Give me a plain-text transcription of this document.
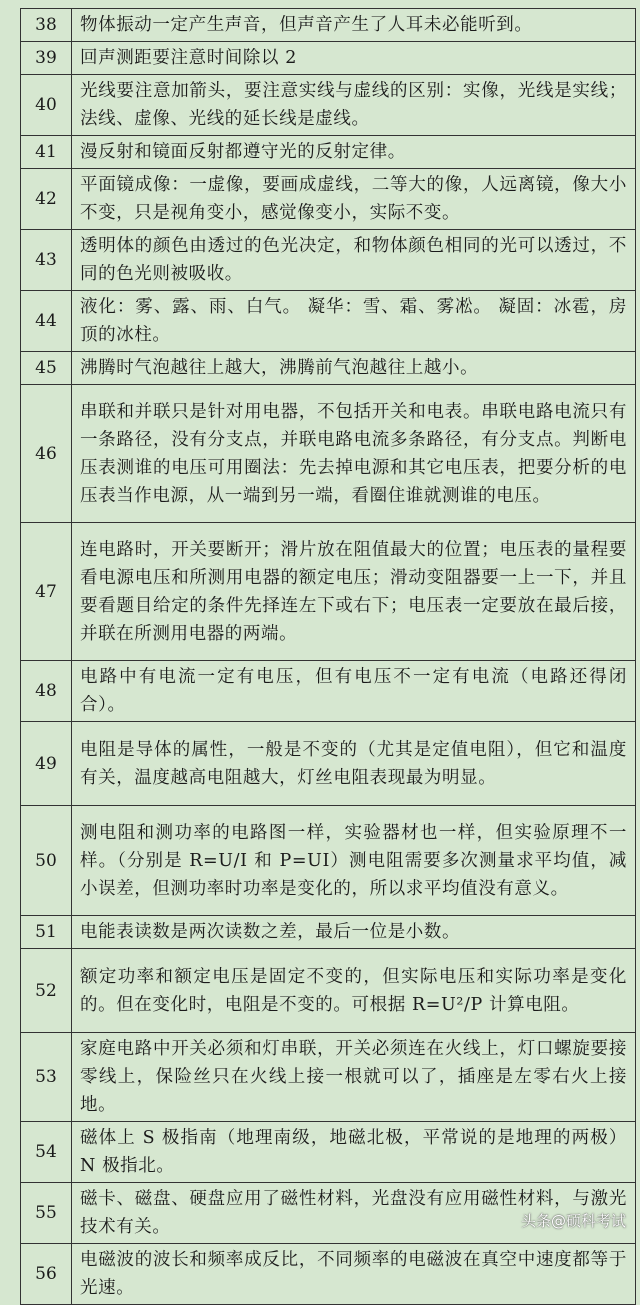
38	物体振动一定产生声音，但声音产生了人耳未必能听到。
39	回声测距要注意时间除以 2
40	光线要注意加箭头，要注意实线与虚线的区别：实像，光线是实线；法线、虚像、光线的延长线是虚线。
41	漫反射和镜面反射都遵守光的反射定律。
42	平面镜成像：一虚像，要画成虚线，二等大的像，人远离镜，像大小不变，只是视角变小，感觉像变小，实际不变。
43	透明体的颜色由透过的色光决定，和物体颜色相同的光可以透过，不同的色光则被吸收。
44	液化：雾、露、雨、白气。 凝华：雪、霜、雾凇。 凝固：冰雹，房顶的冰柱。
45	沸腾时气泡越往上越大，沸腾前气泡越往上越小。
46	串联和并联只是针对用电器，不包括开关和电表。串联电路电流只有一条路径，没有分支点，并联电路电流多条路径，有分支点。判断电压表测谁的电压可用圈法：先去掉电源和其它电压表，把要分析的电压表当作电源，从一端到另一端，看圈住谁就测谁的电压。
47	连电路时，开关要断开；滑片放在阻值最大的位置；电压表的量程要看电源电压和所测用电器的额定电压；滑动变阻器要一上一下，并且要看题目给定的条件先择连左下或右下；电压表一定要放在最后接，并联在所测用电器的两端。
48	电路中有电流一定有电压，但有电压不一定有电流（电路还得闭合）。
49	电阻是导体的属性，一般是不变的（尤其是定值电阻），但它和温度有关，温度越高电阻越大，灯丝电阻表现最为明显。
50	测电阻和测功率的电路图一样，实验器材也一样，但实验原理不一样。（分别是 R=U/I 和 P=UI）测电阻需要多次测量求平均值，减小误差，但测功率时功率是变化的，所以求平均值没有意义。
51	电能表读数是两次读数之差，最后一位是小数。
52	额定功率和额定电压是固定不变的，但实际电压和实际功率是变化的。但在变化时，电阻是不变的。可根据 R=U²/P 计算电阻。
53	家庭电路中开关必须和灯串联，开关必须连在火线上，灯口螺旋要接零线上，保险丝只在火线上接一根就可以了，插座是左零右火上接地。
54	磁体上 S 极指南（地理南级，地磁北极，平常说的是地理的两极）N 极指北。
55	磁卡、磁盘、硬盘应用了磁性材料，光盘没有应用磁性材料，与激光技术有关。
56	电磁波的波长和频率成反比，不同频率的电磁波在真空中速度都等于光速。
头条@硕科考试
